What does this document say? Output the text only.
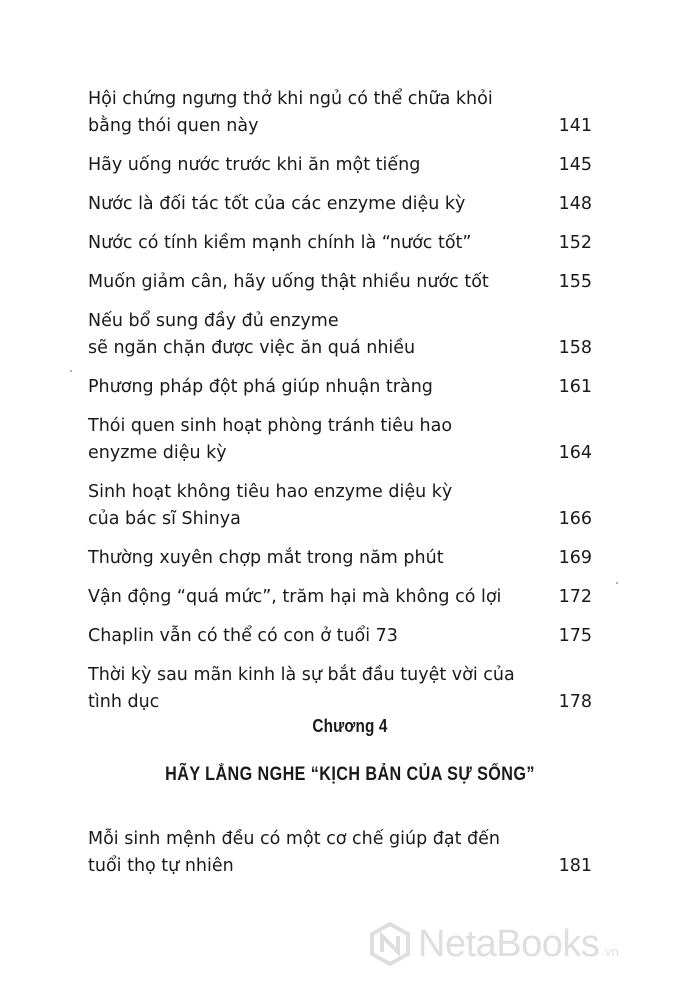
Hội chứng ngưng thở khi ngủ có thể chữa khỏi
bằng thói quen này	141
Hãy uống nước trước khi ăn một tiếng	145
Nước là đối tác tốt của các enzyme diệu kỳ	148
Nước có tính kiềm mạnh chính là “nước tốt”	152
Muốn giảm cân, hãy uống thật nhiều nước tốt	155
Nếu bổ sung đầy đủ enzyme
sẽ ngăn chặn được việc ăn quá nhiều	158
Phương pháp đột phá giúp nhuận tràng	161
Thói quen sinh hoạt phòng tránh tiêu hao
enyzme diệu kỳ	164
Sinh hoạt không tiêu hao enzyme diệu kỳ
của bác sĩ Shinya	166
Thường xuyên chợp mắt trong năm phút	169
Vận động “quá mức”, trăm hại mà không có lợi	172
Chaplin vẫn có thể có con ở tuổi 73	175
Thời kỳ sau mãn kinh là sự bắt đầu tuyệt vời của tình dục	178
Chương 4
HÃY LẮNG NGHE “KỊCH BẢN CỦA SỰ SỐNG”
Mỗi sinh mệnh đều có một cơ chế giúp đạt đến
tuổi thọ tự nhiên	181
NetaBooks .vn
